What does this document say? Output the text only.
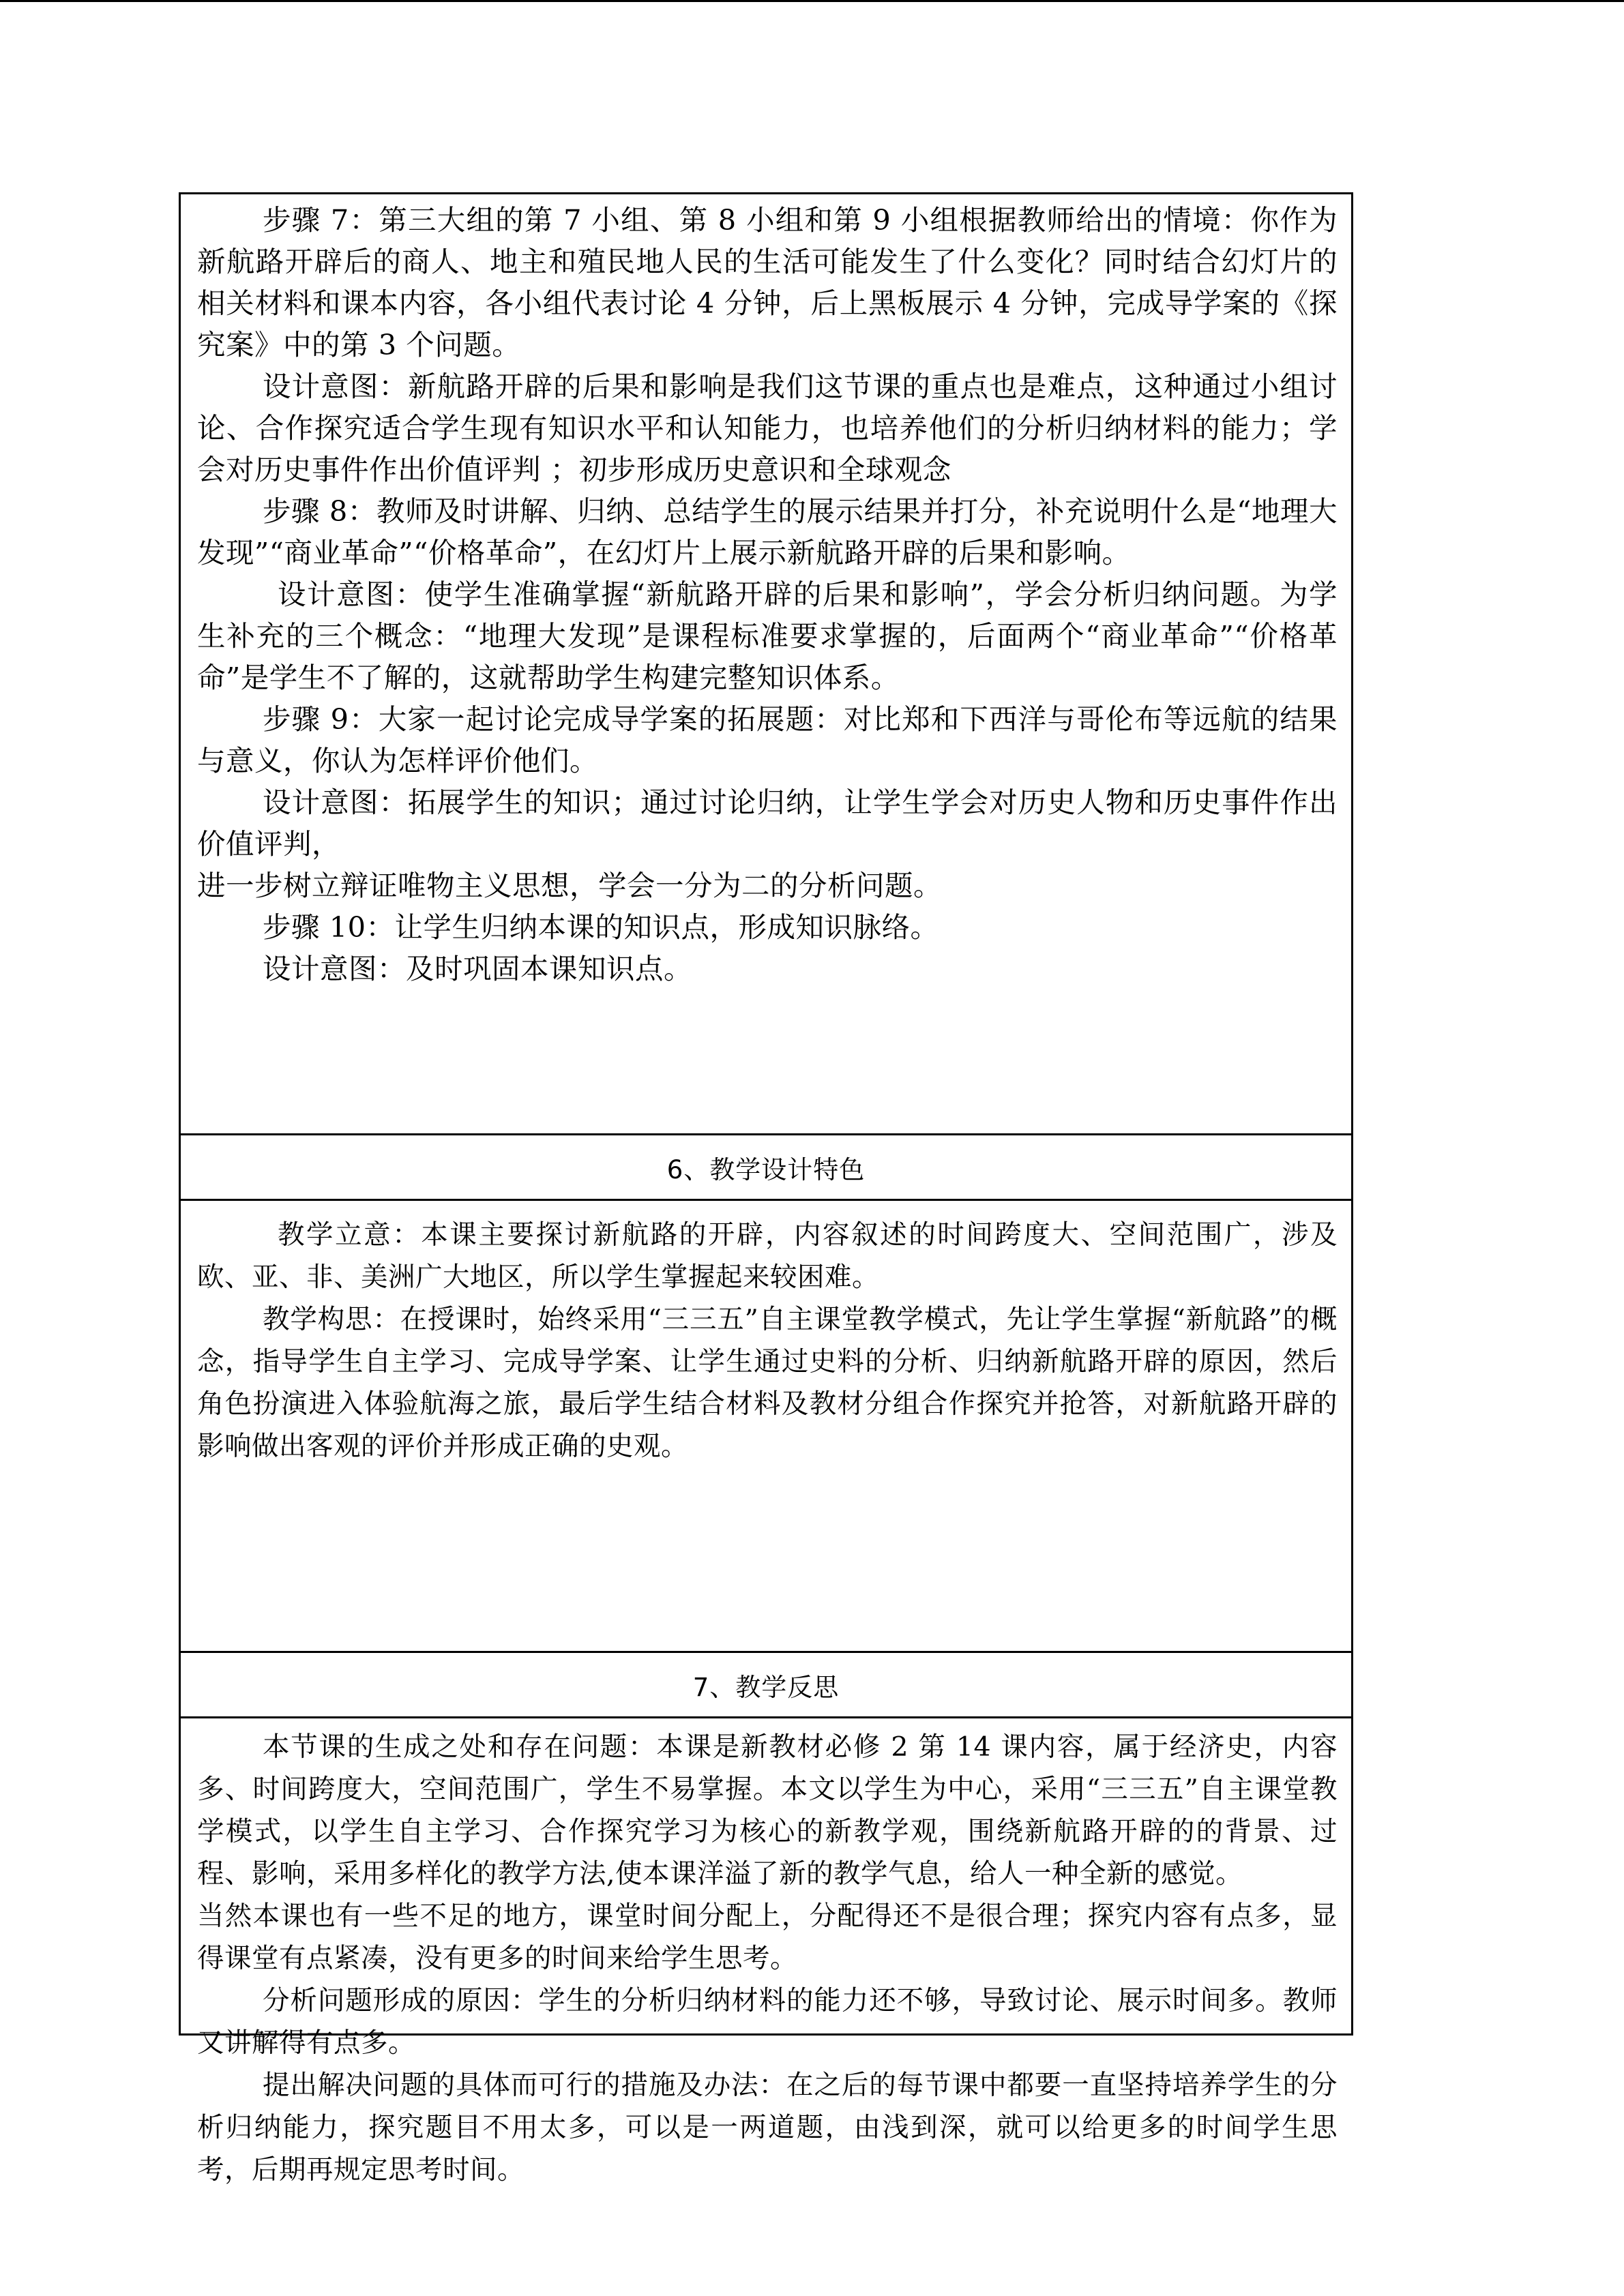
步骤 7：第三大组的第 7 小组、第 8 小组和第 9 小组根据教师给出的情境：你作为新航路开辟后的商人、地主和殖民地人民的生活可能发生了什么变化？同时结合幻灯片的相关材料和课本内容，各小组代表讨论 4 分钟，后上黑板展示 4 分钟，完成导学案的《探究案》中的第 3 个问题。

设计意图：新航路开辟的后果和影响是我们这节课的重点也是难点，这种通过小组讨论、合作探究适合学生现有知识水平和认知能力，也培养他们的分析归纳材料的能力；学会对历史事件作出价值评判 ；初步形成历史意识和全球观念

步骤 8：教师及时讲解、归纳、总结学生的展示结果并打分，补充说明什么是“地理大发现”“商业革命”“价格革命”，在幻灯片上展示新航路开辟的后果和影响。

设计意图：使学生准确掌握“新航路开辟的后果和影响”，学会分析归纳问题。为学生补充的三个概念：“地理大发现”是课程标准要求掌握的，后面两个“商业革命”“价格革命”是学生不了解的，这就帮助学生构建完整知识体系。

步骤 9：大家一起讨论完成导学案的拓展题：对比郑和下西洋与哥伦布等远航的结果与意义，你认为怎样评价他们。

设计意图：拓展学生的知识；通过讨论归纳，让学生学会对历史人物和历史事件作出价值评判，

进一步树立辩证唯物主义思想，学会一分为二的分析问题。

步骤 10：让学生归纳本课的知识点，形成知识脉络。

设计意图：及时巩固本课知识点。

6、教学设计特色

教学立意：本课主要探讨新航路的开辟，内容叙述的时间跨度大、空间范围广，涉及欧、亚、非、美洲广大地区，所以学生掌握起来较困难。

教学构思：在授课时，始终采用“三三五”自主课堂教学模式，先让学生掌握“新航路”的概念，指导学生自主学习、完成导学案、让学生通过史料的分析、归纳新航路开辟的原因，然后角色扮演进入体验航海之旅，最后学生结合材料及教材分组合作探究并抢答，对新航路开辟的影响做出客观的评价并形成正确的史观。

7、教学反思

本节课的生成之处和存在问题：本课是新教材必修 2 第 14 课内容，属于经济史，内容多、时间跨度大，空间范围广，学生不易掌握。本文以学生为中心，采用“三三五”自主课堂教学模式，以学生自主学习、合作探究学习为核心的新教学观，围绕新航路开辟的的背景、过程、影响，采用多样化的教学方法,使本课洋溢了新的教学气息，给人一种全新的感觉。

当然本课也有一些不足的地方，课堂时间分配上，分配得还不是很合理；探究内容有点多，显得课堂有点紧凑，没有更多的时间来给学生思考。

分析问题形成的原因：学生的分析归纳材料的能力还不够，导致讨论、展示时间多。教师又讲解得有点多。

提出解决问题的具体而可行的措施及办法：在之后的每节课中都要一直坚持培养学生的分析归纳能力，探究题目不用太多，可以是一两道题，由浅到深，就可以给更多的时间学生思考，后期再规定思考时间。
